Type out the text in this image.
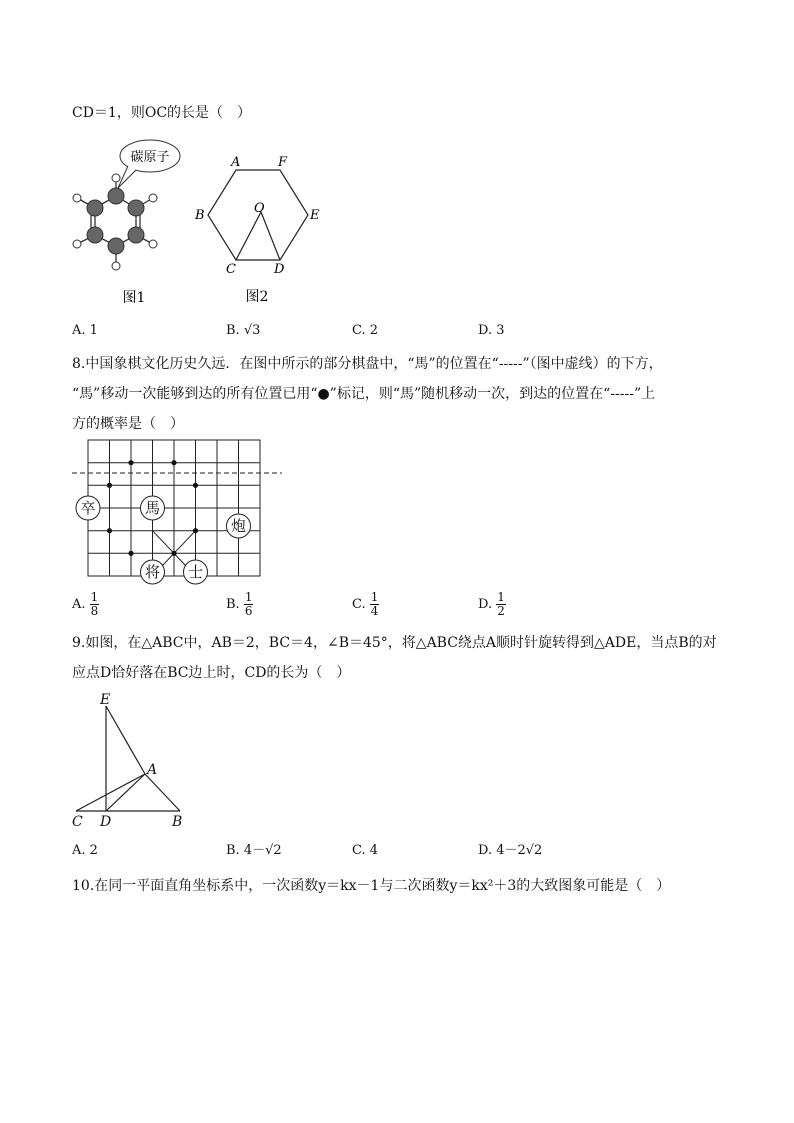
CD＝1，则OC的长是（　）
碳原子
图1
A	F
B	O	E
C	D
图2
A. 1	B. √3	C. 2	D. 3
8.中国象棋文化历史久远．在图中所示的部分棋盘中，“馬”的位置在“-----”（图中虚线）的下方，
“馬”移动一次能够到达的所有位置已用“●”标记，则“馬”随机移动一次，到达的位置在“-----”上
方的概率是（　）
卒	馬
炮
将 士
A. $\frac{1}{8}$	B. $\frac{1}{6}$	C. $\frac{1}{4}$	D. $\frac{1}{2}$
9.如图，在△ABC中，AB＝2，BC＝4，∠B＝45°，将△ABC绕点A顺时针旋转得到△ADE，当点B的对
应点D恰好落在BC边上时，CD的长为（　）
E
A
C D	B
A. 2	B. 4－√2	C. 4	D. 4－2√2
10.在同一平面直角坐标系中，一次函数y＝kx－1与二次函数y＝kx²＋3的大致图象可能是（　）
